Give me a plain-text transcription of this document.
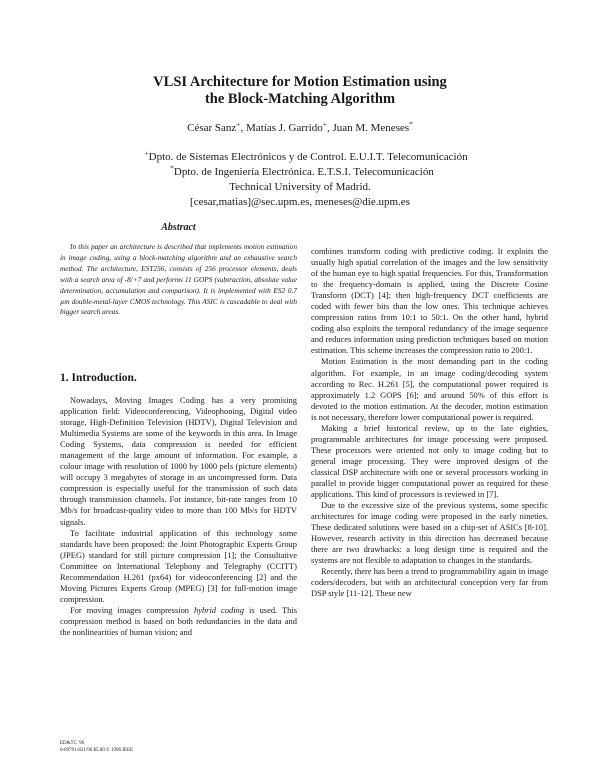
VLSI Architecture for Motion Estimation using
the Block-Matching Algorithm
César Sanz+, Matías J. Garrido+, Juan M. Meneses*
+Dpto. de Sistemas Electrónicos y de Control. E.U.I.T. Telecomunicación
*Dpto. de Ingeniería Electrónica. E.T.S.I. Telecomunicación
Technical University of Madrid.
[cesar,matias]@sec.upm.es, meneses@die.upm.es
Abstract

In this paper an architecture is described that implements motion estimation in image coding, using a block-matching algorithm and an exhaustive search method. The architecture, EST256, consists of 256 processor elements, deals with a search area of -8/+7 and performs 11 GOPS (subtraction, absolute value determination, accumulation and comparison). It is implemented with ES2 0.7 µm double-metal-layer CMOS technology. This ASIC is cascadable to deal with bigger search areas.

1. Introduction.

Nowadays, Moving Images Coding has a very promising application field: Videoconferencing, Videophoning, Digital video storage, High-Definition Television (HDTV), Digital Television and Multimedia Systems are some of the keywords in this area. In Image Coding Systems, data compression is needed for efficient management of the large amount of information. For example, a colour image with resolution of 1000 by 1000 pels (picture elements) will occupy 3 megabytes of storage in an uncompressed form. Data compression is especially useful for the transmission of such data through transmission channels. For instance, bit-rate ranges from 10 Mb/s for broadcast-quality video to more than 100 Mb/s for HDTV signals.

To facilitate industrial application of this technology some standards have been proposed: the Joint Photographic Experts Group (JPEG) standard for still picture compression [1]; the Consultative Committee on International Telephony and Telegraphy (CCITT) Recommendation H.261 (px64) for videoconferencing [2] and the Moving Pictures Experts Group (MPEG) [3] for full-motion image compression.

For moving images compression hybrid coding is used. This compression method is based on both redundancies in the data and the nonlinearities of human vision; and

combines transform coding with predictive coding. It exploits the usually high spatial correlation of the images and the low sensitivity of the human eye to high spatial frequencies. For this, Transformation to the frequency-domain is applied, using the Discrete Cosine Transform (DCT) [4]; then high-frequency DCT coefficients are coded with fewer bits than the low ones. This technique achieves compression ratios from 10:1 to 50:1. On the other hand, hybrid coding also exploits the temporal redundancy of the image sequence and reduces information using prediction techniques based on motion estimation. This scheme increases the compression ratio to 200:1.

Motion Estimation is the most demanding part in the coding algorithm. For example, in an image coding/decoding system according to Rec. H.261 [5], the computational power required is approximately 1.2 GOPS [6]; and around 50% of this effort is devoted to the motion estimation. At the decoder, motion estimation is not necessary, therefore lower computational power is required.

Making a brief historical review, up to the late eighties, programmable architectures for image processing were proposed. These processors were oriented not only to image coding but to general image processing. They were improved designs of the classical DSP architecture with one or several processors working in parallel to provide bigger computational power as required for these applications. This kind of processors is reviewed in [7].

Due to the excessive size of the previous systems, some specific architectures for image coding were proposed in the early nineties. These dedicated solutions were based on a chip-set of ASICs [8-10]. However, research activity in this direction has decreased because there are two drawbacks: a long design time is required and the systems are not flexible to adaptation to changes in the standards.

Recently, there has been a trend to programmability again in image coders/decoders, but with an architectural conception very far from DSP style [11-12]. These new

ED&TC '96
0-89791-821/96 $5.00 © 1996 IEEE
